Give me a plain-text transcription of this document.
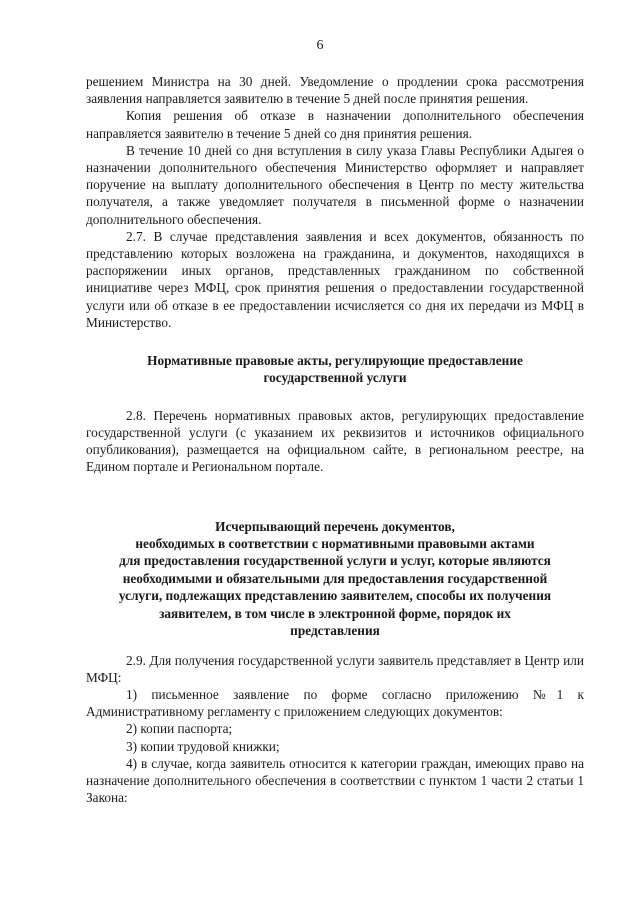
6

решением Министра на 30 дней. Уведомление о продлении срока рассмотрения заявления направляется заявителю в течение 5 дней после принятия решения.

Копия решения об отказе в назначении дополнительного обеспечения направляется заявителю в течение 5 дней со дня принятия решения.

В течение 10 дней со дня вступления в силу указа Главы Республики Адыгея о назначении дополнительного обеспечения Министерство оформляет и направляет поручение на выплату дополнительного обеспечения в Центр по месту жительства получателя, а также уведомляет получателя в письменной форме о назначении дополнительного обеспечения.

2.7. В случае представления заявления и всех документов, обязанность по представлению которых возложена на гражданина, и документов, находящихся в распоряжении иных органов, представленных гражданином по собственной инициативе через МФЦ, срок принятия решения о предоставлении государственной услуги или об отказе в ее предоставлении исчисляется со дня их передачи из МФЦ в Министерство.

Нормативные правовые акты, регулирующие предоставление
государственной услуги

2.8. Перечень нормативных правовых актов, регулирующих предоставление государственной услуги (с указанием их реквизитов и источников официального опубликования), размещается на официальном сайте, в региональном реестре, на Едином портале и Региональном портале.

Исчерпывающий перечень документов,
необходимых в соответствии с нормативными правовыми актами
для предоставления государственной услуги и услуг, которые являются
необходимыми и обязательными для предоставления государственной
услуги, подлежащих представлению заявителем, способы их получения
заявителем, в том числе в электронной форме, порядок их
представления

2.9. Для получения государственной услуги заявитель представляет в Центр или МФЦ:

1) письменное заявление по форме согласно приложению №1 к Административному регламенту с приложением следующих документов:

2) копии паспорта;

3) копии трудовой книжки;

4) в случае, когда заявитель относится к категории граждан, имеющих право на назначение дополнительного обеспечения в соответствии с пунктом 1 части 2 статьи 1 Закона:
